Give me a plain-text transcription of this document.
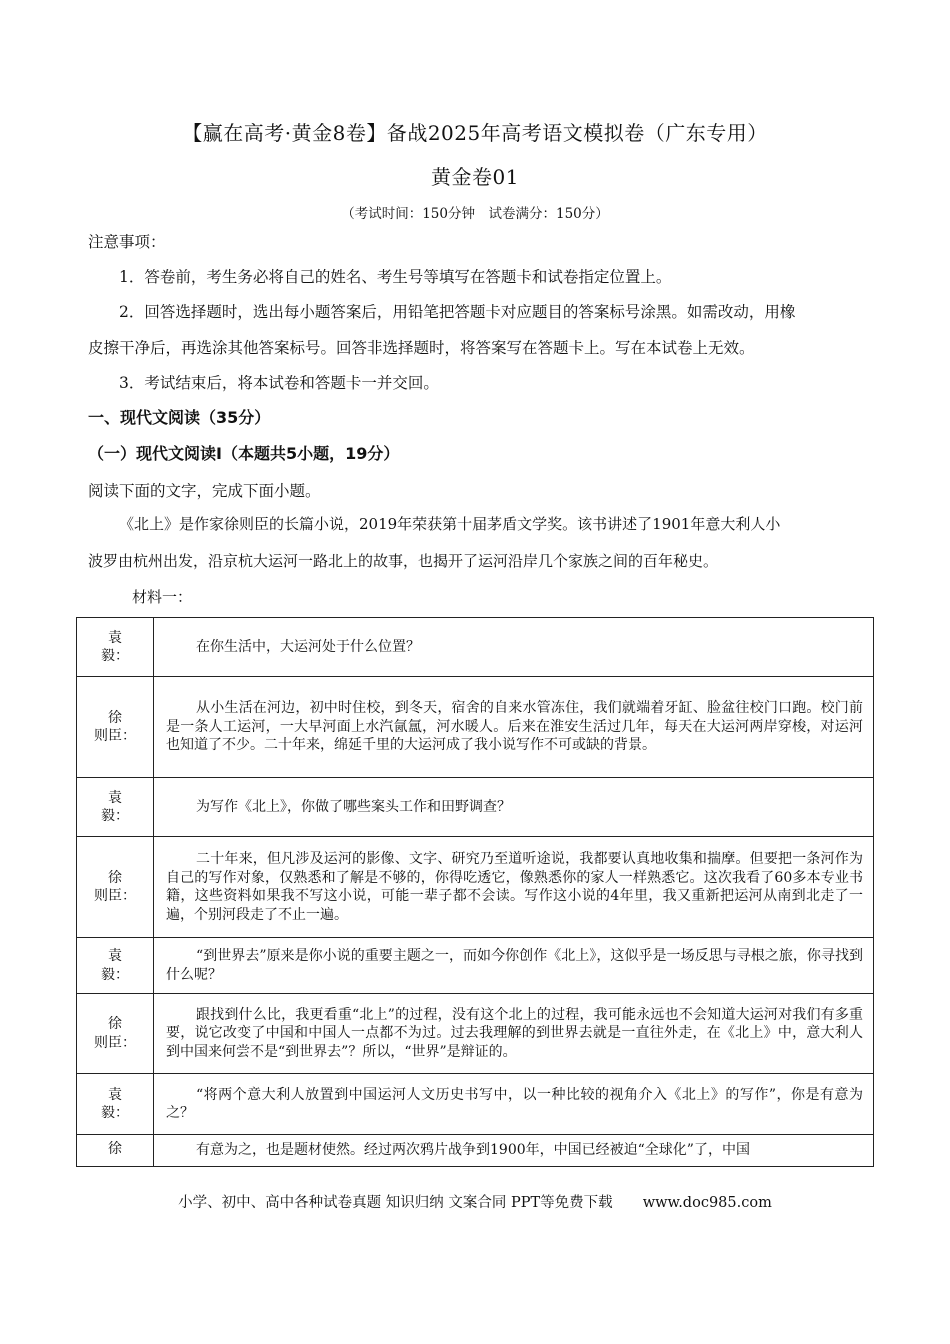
【赢在高考·黄金8卷】备战2025年高考语文模拟卷（广东专用）
黄金卷01
（考试时间：150分钟　试卷满分：150分）
注意事项：
1．答卷前，考生务必将自己的姓名、考生号等填写在答题卡和试卷指定位置上。
2．回答选择题时，选出每小题答案后，用铅笔把答题卡对应题目的答案标号涂黑。如需改动，用橡
皮擦干净后，再选涂其他答案标号。回答非选择题时，将答案写在答题卡上。写在本试卷上无效。
3．考试结束后，将本试卷和答题卡一并交回。
一、现代文阅读（35分）
（一）现代文阅读Ⅰ（本题共5小题，19分）
阅读下面的文字，完成下面小题。
《北上》是作家徐则臣的长篇小说，2019年荣获第十届茅盾文学奖。该书讲述了1901年意大利人小
波罗由杭州出发，沿京杭大运河一路北上的故事，也揭开了运河沿岸几个家族之间的百年秘史。
材料一：
袁
毅：	在你生活中，大运河处于什么位置？
徐
则臣：	从小生活在河边，初中时住校，到冬天，宿舍的自来水管冻住，我们就端着牙缸、脸盆往校门口跑。校门前是一条人工运河，一大早河面上水汽氤氲，河水暖人。后来在淮安生活过几年，每天在大运河两岸穿梭，对运河也知道了不少。二十年来，绵延千里的大运河成了我小说写作不可或缺的背景。
袁
毅：	为写作《北上》，你做了哪些案头工作和田野调查？
徐
则臣：	二十年来，但凡涉及运河的影像、文字、研究乃至道听途说，我都要认真地收集和揣摩。但要把一条河作为自己的写作对象，仅熟悉和了解是不够的，你得吃透它，像熟悉你的家人一样熟悉它。这次我看了60多本专业书籍，这些资料如果我不写这小说，可能一辈子都不会读。写作这小说的4年里，我又重新把运河从南到北走了一遍，个别河段走了不止一遍。
袁
毅：	“到世界去”原来是你小说的重要主题之一，而如今你创作《北上》，这似乎是一场反思与寻根之旅，你寻找到什么呢？
徐
则臣：	跟找到什么比，我更看重“北上”的过程，没有这个北上的过程，我可能永远也不会知道大运河对我们有多重要，说它改变了中国和中国人一点都不为过。过去我理解的到世界去就是一直往外走，在《北上》中，意大利人到中国来何尝不是“到世界去”？所以，“世界”是辩证的。
袁
毅：	“将两个意大利人放置到中国运河人文历史书写中，以一种比较的视角介入《北上》的写作”，你是有意为之？
徐	有意为之，也是题材使然。经过两次鸦片战争到1900年，中国已经被迫“全球化”了，中国
小学、初中、高中各种试卷真题 知识归纳 文案合同 PPT等免费下载 www.doc985.com
